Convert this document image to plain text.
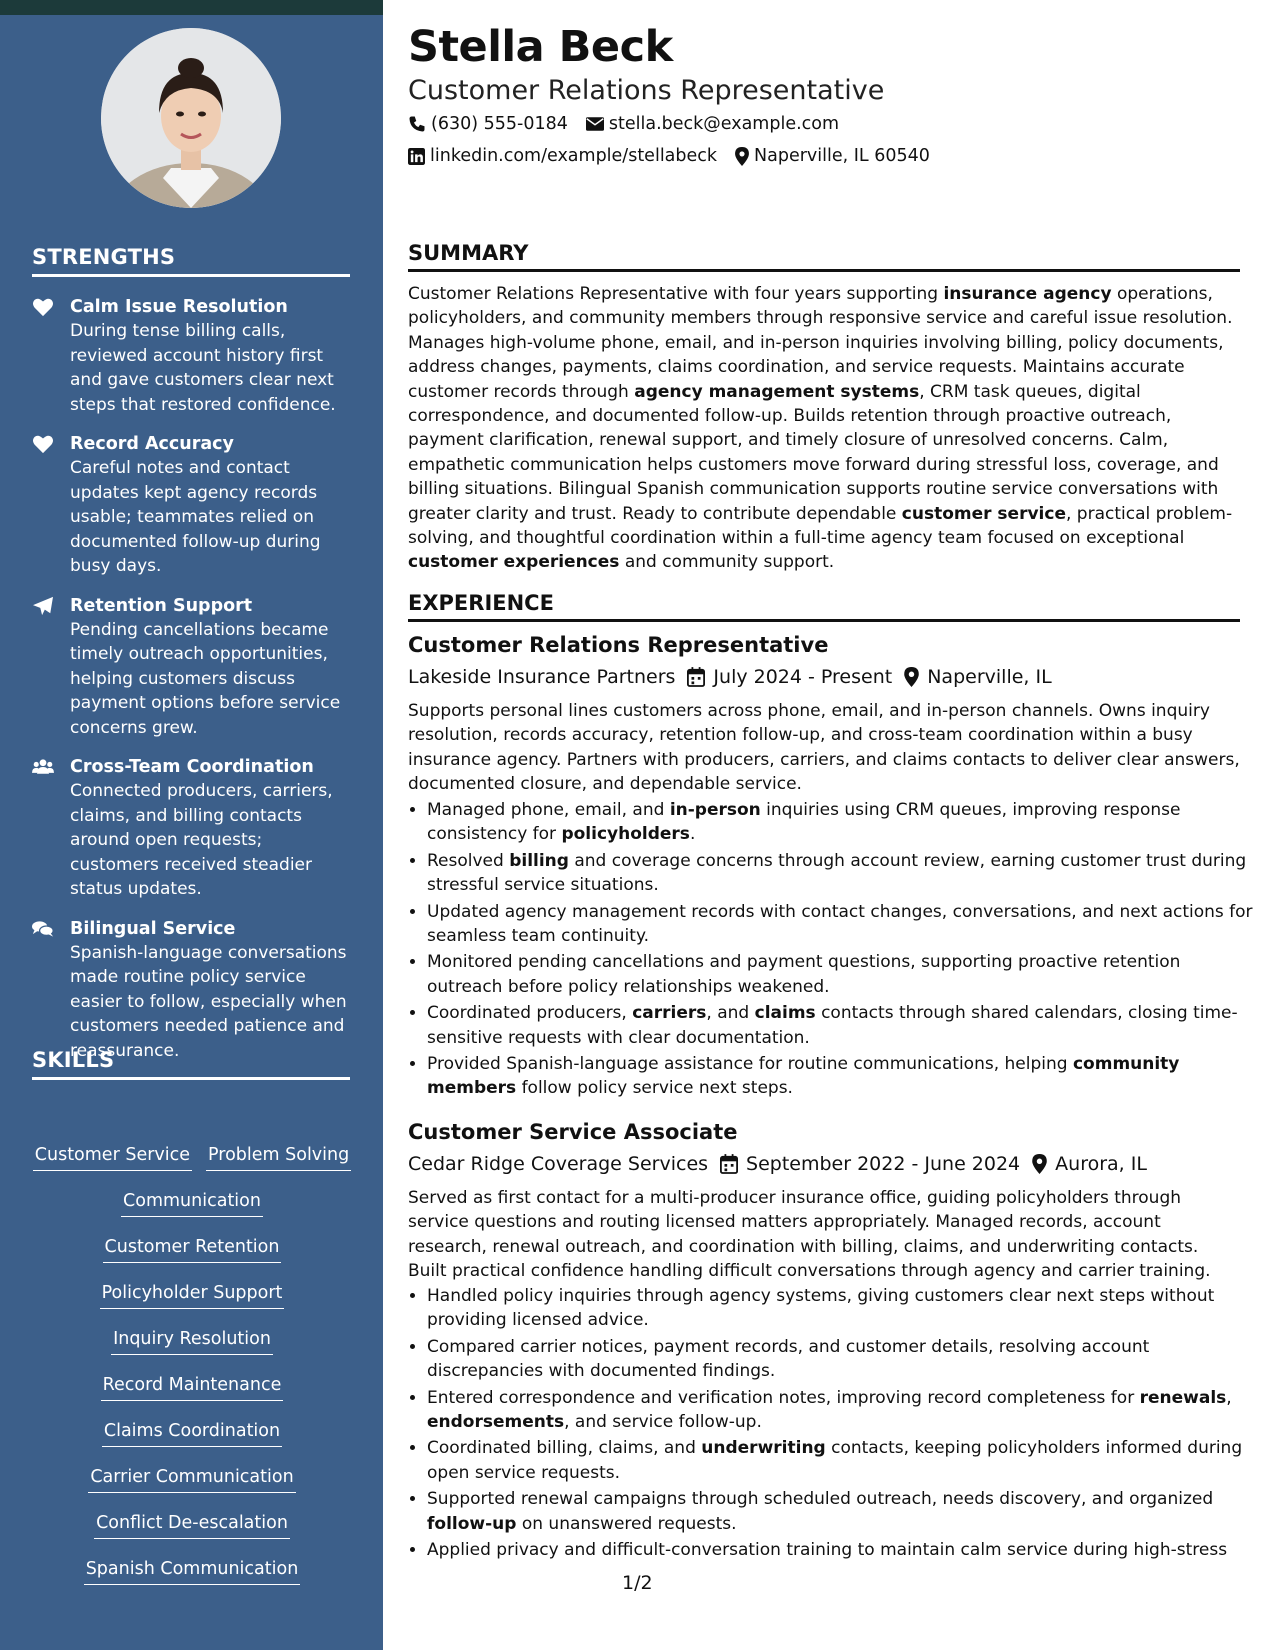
STRENGTHS
Calm Issue Resolution
During tense billing calls, reviewed account history first and gave customers clear next steps that restored confidence.
Record Accuracy
Careful notes and contact updates kept agency records usable; teammates relied on documented follow-up during busy days.
Retention Support
Pending cancellations became timely outreach opportunities, helping customers discuss payment options before service concerns grew.
Cross-Team Coordination
Connected producers, carriers, claims, and billing contacts around open requests; customers received steadier status updates.
Bilingual Service
Spanish-language conversations made routine policy service easier to follow, especially when customers needed patience and reassurance.
SKILLS
Customer Service Problem Solving
Communication
Customer Retention
Policyholder Support
Inquiry Resolution
Record Maintenance
Claims Coordination
Carrier Communication
Conflict De-escalation
Spanish Communication
Stella Beck
Customer Relations Representative
(630) 555-0184 stella.beck@example.com
linkedin.com/example/stellabeck Naperville, IL 60540
SUMMARY

Customer Relations Representative with four years supporting insurance agency operations, policyholders, and community members through responsive service and careful issue resolution. Manages high-volume phone, email, and in-person inquiries involving billing, policy documents, address changes, payments, claims coordination, and service requests. Maintains accurate customer records through agency management systems, CRM task queues, digital correspondence, and documented follow-up. Builds retention through proactive outreach, payment clarification, renewal support, and timely closure of unresolved concerns. Calm, empathetic communication helps customers move forward during stressful loss, coverage, and billing situations. Bilingual Spanish communication supports routine service conversations with greater clarity and trust. Ready to contribute dependable customer service, practical problem-solving, and thoughtful coordination within a full-time agency team focused on exceptional customer experiences and community support.

EXPERIENCE
Customer Relations Representative
Lakeside Insurance Partners July 2024 - Present Naperville, IL

Supports personal lines customers across phone, email, and in-person channels. Owns inquiry resolution, records accuracy, retention follow-up, and cross-team coordination within a busy insurance agency. Partners with producers, carriers, and claims contacts to deliver clear answers, documented closure, and dependable service.

• Managed phone, email, and in-person inquiries using CRM queues, improving response consistency for policyholders.
• Resolved billing and coverage concerns through account review, earning customer trust during stressful service situations.
• Updated agency management records with contact changes, conversations, and next actions for seamless team continuity.
• Monitored pending cancellations and payment questions, supporting proactive retention outreach before policy relationships weakened.
• Coordinated producers, carriers, and claims contacts through shared calendars, closing time-sensitive requests with clear documentation.
• Provided Spanish-language assistance for routine communications, helping community members follow policy service next steps.
Customer Service Associate
Cedar Ridge Coverage Services September 2022 - June 2024 Aurora, IL

Served as first contact for a multi-producer insurance office, guiding policyholders through service questions and routing licensed matters appropriately. Managed records, account research, renewal outreach, and coordination with billing, claims, and underwriting contacts. Built practical confidence handling difficult conversations through agency and carrier training.

• Handled policy inquiries through agency systems, giving customers clear next steps without providing licensed advice.
• Compared carrier notices, payment records, and customer details, resolving account discrepancies with documented findings.
• Entered correspondence and verification notes, improving record completeness for renewals, endorsements, and service follow-up.
• Coordinated billing, claims, and underwriting contacts, keeping policyholders informed during open service requests.
• Supported renewal campaigns through scheduled outreach, needs discovery, and organized follow-up on unanswered requests.
• Applied privacy and difficult-conversation training to maintain calm service during high-stress
1/2
